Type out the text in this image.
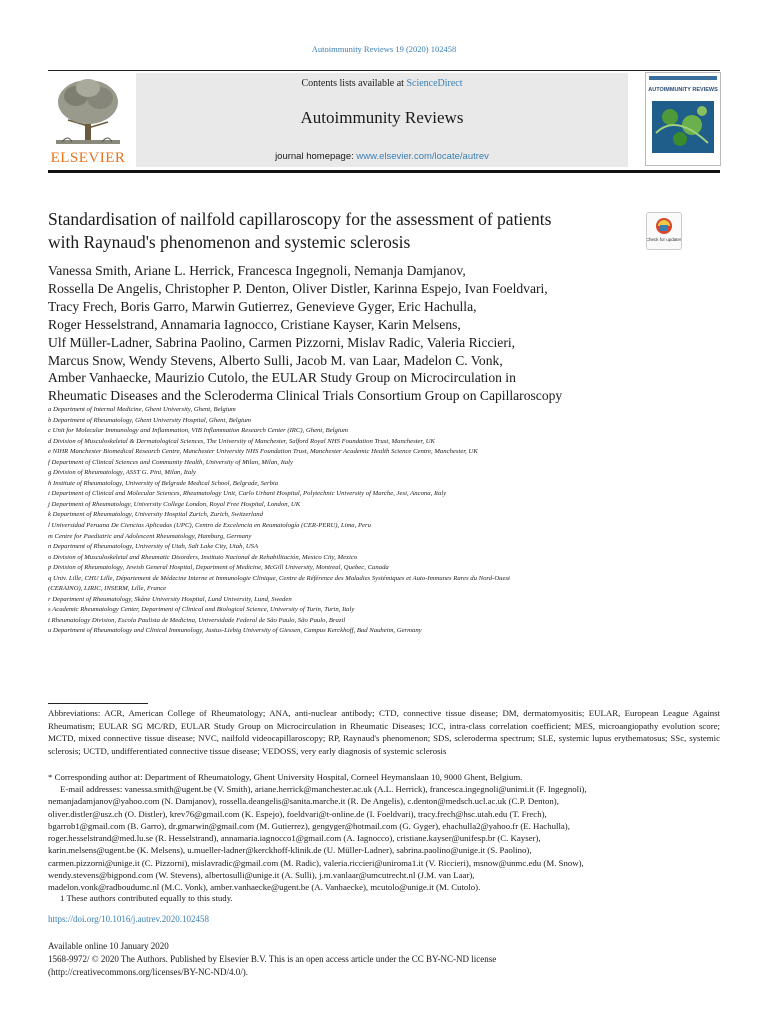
Autoimmunity Reviews 19 (2020) 102458
ELSEVIER
Contents lists available at ScienceDirect
Autoimmunity Reviews
journal homepage: www.elsevier.com/locate/autrev
AUTOIMMUNITY REVIEWS
Standardisation of nailfold capillaroscopy for the assessment of patients
with Raynaud's phenomenon and systemic sclerosis	Check for updates
Vanessa Smith, Ariane L. Herrick, Francesca Ingegnoli, Nemanja Damjanov,
Rossella De Angelis, Christopher P. Denton, Oliver Distler, Karinna Espejo, Ivan Foeldvari,
Tracy Frech, Boris Garro, Marwin Gutierrez, Genevieve Gyger, Eric Hachulla,
Roger Hesselstrand, Annamaria Iagnocco, Cristiane Kayser, Karin Melsens,
Ulf Müller-Ladner, Sabrina Paolino, Carmen Pizzorni, Mislav Radic, Valeria Riccieri,
Marcus Snow, Wendy Stevens, Alberto Sulli, Jacob M. van Laar, Madelon C. Vonk,
Amber Vanhaecke, Maurizio Cutolo, the EULAR Study Group on Microcirculation in
Rheumatic Diseases and the Scleroderma Clinical Trials Consortium Group on Capillaroscopy
a Department of Internal Medicine, Ghent University, Ghent, Belgium
b Department of Rheumatology, Ghent University Hospital, Ghent, Belgium
c Unit for Molecular Immunology and Inflammation, VIB Inflammation Research Center (IRC), Ghent, Belgium
d Division of Musculoskeletal & Dermatological Sciences, The University of Manchester, Salford Royal NHS Foundation Trust, Manchester, UK
e NIHR Manchester Biomedical Research Centre, Manchester University NHS Foundation Trust, Manchester Academic Health Science Centre, Manchester, UK
f Department of Clinical Sciences and Community Health, University of Milan, Milan, Italy
g Division of Rheumatology, ASST G. Pini, Milan, Italy
h Institute of Rheumatology, University of Belgrade Medical School, Belgrade, Serbia
i Department of Clinical and Molecular Sciences, Rheumatology Unit, Carlo Urbani Hospital, Polytechnic University of Marche, Jesi, Ancona, Italy
j Department of Rheumatology, University College London, Royal Free Hospital, London, UK
k Department of Rheumatology, University Hospital Zurich, Zurich, Switzerland
l Universidad Peruana De Ciencias Aplicadas (UPC), Centro de Excelencia en Reumatología (CER-PERU), Lima, Peru
m Centre for Paediatric and Adolescent Rheumatology, Hamburg, Germany
n Department of Rheumatology, University of Utah, Salt Lake City, Utah, USA
o Division of Musculoskeletal and Rheumatic Disorders, Instituto Nacional de Rehabilitación, Mexico City, Mexico
p Division of Rheumatology, Jewish General Hospital, Department of Medicine, McGill University, Montreal, Quebec, Canada
q Univ. Lille, CHU Lille, Département de Médecine Interne et Immunologie Clinique, Centre de Référence des Maladies Systémiques et Auto-Immunes Rares du Nord-Ouest
(CERAINO), LIRIC, INSERM, Lille, France
r Department of Rheumatology, Skåne University Hospital, Lund University, Lund, Sweden
s Academic Rheumatology Center, Department of Clinical and Biological Science, University of Turin, Turin, Italy
t Rheumatology Division, Escola Paulista de Medicina, Universidade Federal de São Paulo, São Paulo, Brazil
u Department of Rheumatology and Clinical Immunology, Justus-Liebig University of Giessen, Campus Kerckhoff, Bad Nauheim, Germany
Abbreviations: ACR, American College of Rheumatology; ANA, anti-nuclear antibody; CTD, connective tissue disease; DM, dermatomyositis; EULAR, European League Against Rheumatism; EULAR SG MC/RD, EULAR Study Group on Microcirculation in Rheumatic Diseases; ICC, intra-class correlation coefficient; MES, microangiopathy evolution score; MCTD, mixed connective tissue disease; NVC, nailfold videocapillaroscopy; RP, Raynaud's phenomenon; SDS, scleroderma spectrum; SLE, systemic lupus erythematosus; SSc, systemic sclerosis; UCTD, undifferentiated connective tissue disease; VEDOSS, very early diagnosis of systemic sclerosis
* Corresponding author at: Department of Rheumatology, Ghent University Hospital, Corneel Heymanslaan 10, 9000 Ghent, Belgium.
E-mail addresses: vanessa.smith@ugent.be (V. Smith), ariane.herrick@manchester.ac.uk (A.L. Herrick), francesca.ingegnoli@unimi.it (F. Ingegnoli),
nemanjadamjanov@yahoo.com (N. Damjanov), rossella.deangelis@sanita.marche.it (R. De Angelis), c.denton@medsch.ucl.ac.uk (C.P. Denton),
oliver.distler@usz.ch (O. Distler), krev76@gmail.com (K. Espejo), foeldvari@t-online.de (I. Foeldvari), tracy.frech@hsc.utah.edu (T. Frech),
bgarrob1@gmail.com (B. Garro), dr.gmarwin@gmail.com (M. Gutierrez), gengyger@hotmail.com (G. Gyger), ehachulla2@yahoo.fr (E. Hachulla),
roger.hesselstrand@med.lu.se (R. Hesselstrand), annamaria.iagnocco1@gmail.com (A. Iagnocco), cristiane.kayser@unifesp.br (C. Kayser),
karin.melsens@ugent.be (K. Melsens), u.mueller-ladner@kerckhoff-klinik.de (U. Müller-Ladner), sabrina.paolino@unige.it (S. Paolino),
carmen.pizzorni@unige.it (C. Pizzorni), mislavradic@gmail.com (M. Radic), valeria.riccieri@uniroma1.it (V. Riccieri), msnow@unmc.edu (M. Snow),
wendy.stevens@bigpond.com (W. Stevens), albertosulli@unige.it (A. Sulli), j.m.vanlaar@umcutrecht.nl (J.M. van Laar),
madelon.vonk@radboudumc.nl (M.C. Vonk), amber.vanhaecke@ugent.be (A. Vanhaecke), mcutolo@unige.it (M. Cutolo).
1 These authors contributed equally to this study.
https://doi.org/10.1016/j.autrev.2020.102458
Available online 10 January 2020
1568-9972/ © 2020 The Authors. Published by Elsevier B.V. This is an open access article under the CC BY-NC-ND license
(http://creativecommons.org/licenses/BY-NC-ND/4.0/).
